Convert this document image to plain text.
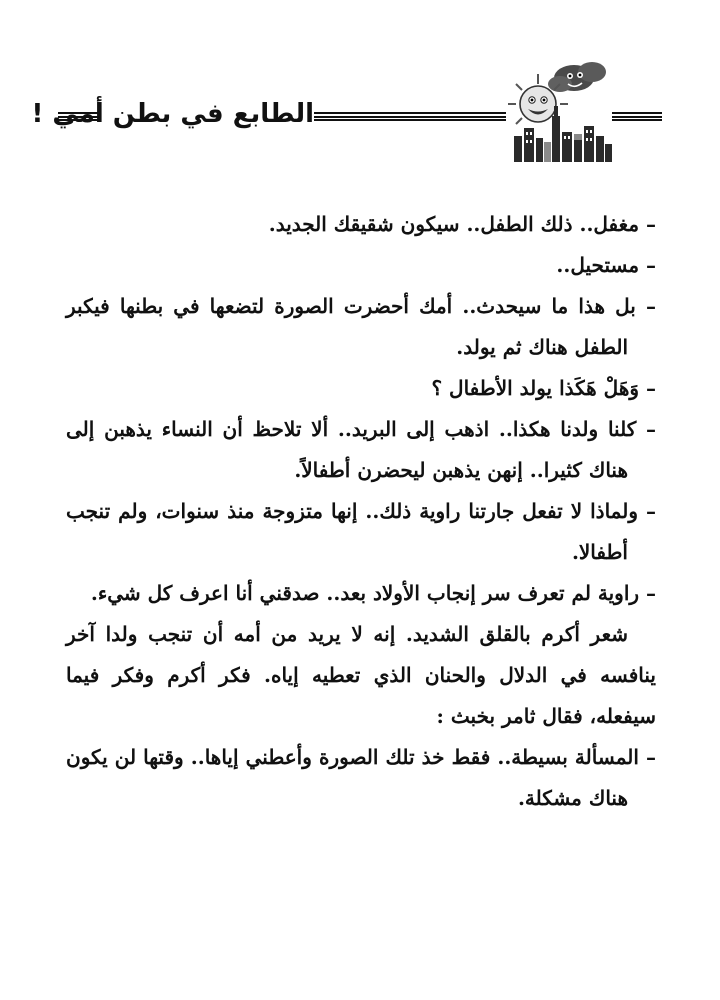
الطابع في بطن أمي !

– مغفل.. ذلك الطفل.. سيكون شقيقك الجديد.

– مستحيل..

– بل هذا ما سيحدث.. أمك أحضرت الصورة لتضعها في بطنها فيكبر الطفل هناك ثم يولد.

– وَهَلْ هَكَذا يولد الأطفال ؟

– كلنا ولدنا هكذا.. اذهب إلى البريد.. ألا تلاحظ أن النساء يذهبن إلى هناك كثيرا.. إنهن يذهبن ليحضرن أطفالاً.

– ولماذا لا تفعل جارتنا راوية ذلك.. إنها متزوجة منذ سنوات، ولم تنجب أطفالا.

– راوية لم تعرف سر إنجاب الأولاد بعد.. صدقني أنا اعرف كل شيء.

شعر أكرم بالقلق الشديد. إنه لا يريد من أمه أن تنجب ولدا آخر ينافسه في الدلال والحنان الذي تعطيه إياه. فكر أكرم وفكر فيما سيفعله، فقال ثامر بخبث :

– المسألة بسيطة.. فقط خذ تلك الصورة وأعطني إياها.. وقتها لن يكون هناك مشكلة.
